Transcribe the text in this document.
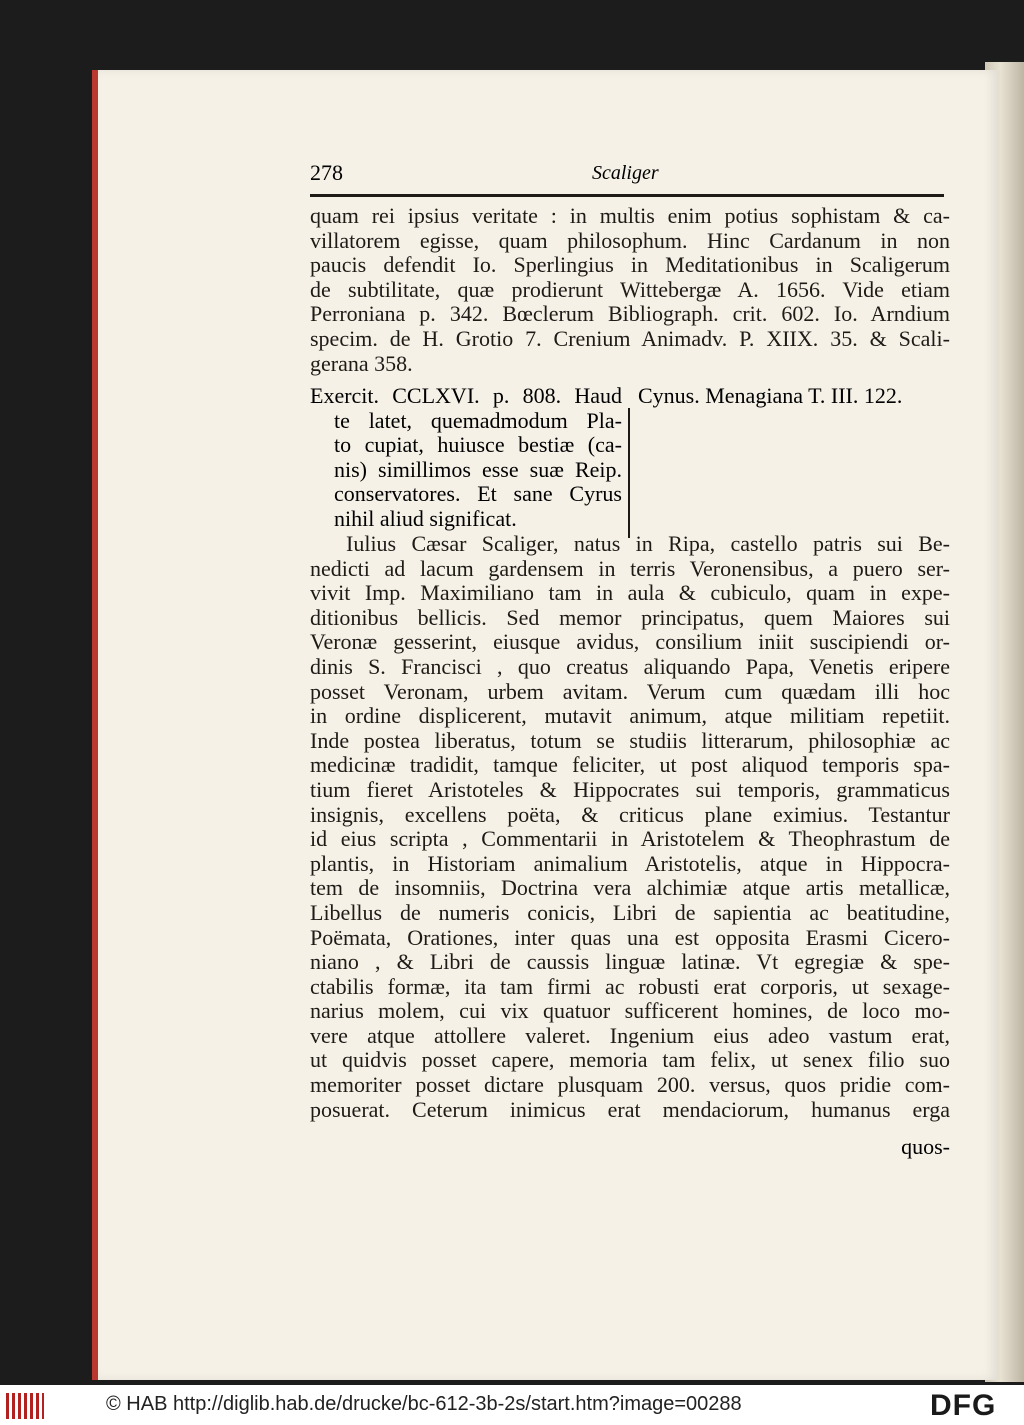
278	Scaliger
quam rei ipsius veritate : in multis enim potius sophistam & ca-
villatorem egisse, quam philosophum. Hinc Cardanum in non
paucis defendit Io. Sperlingius in Meditationibus in Scaligerum
de subtilitate, quæ prodierunt Wittebergæ A. 1656. Vide etiam
Perroniana p. 342. Bœclerum Bibliograph. crit. 602. Io. Arndium
specim. de H. Grotio 7. Crenium Animadv. P. XIIX. 35. & Scali-
gerana 358.
Exercit. CCLXVI. p. 808. Haud
te latet, quemadmodum Pla-
to cupiat, huiusce bestiæ (ca-
nis) simillimos esse suæ Reip.
conservatores. Et sane Cyrus
nihil aliud significat.
Cynus. Menagiana T. III. 122.
Iulius Cæsar Scaliger, natus in Ripa, castello patris sui Be-
nedicti ad lacum gardensem in terris Veronensibus, a puero ser-
vivit Imp. Maximiliano tam in aula & cubiculo, quam in expe-
ditionibus bellicis. Sed memor principatus, quem Maiores sui
Veronæ gesserint, eiusque avidus, consilium iniit suscipiendi or-
dinis S. Francisci , quo creatus aliquando Papa, Venetis eripere
posset Veronam, urbem avitam. Verum cum quædam illi hoc
in ordine displicerent, mutavit animum, atque militiam repetiit.
Inde postea liberatus, totum se studiis litterarum, philosophiæ ac
medicinæ tradidit, tamque feliciter, ut post aliquod temporis spa-
tium fieret Aristoteles & Hippocrates sui temporis, grammaticus
insignis, excellens poëta, & criticus plane eximius. Testantur
id eius scripta , Commentarii in Aristotelem & Theophrastum de
plantis, in Historiam animalium Aristotelis, atque in Hippocra-
tem de insomniis, Doctrina vera alchimiæ atque artis metallicæ,
Libellus de numeris conicis, Libri de sapientia ac beatitudine,
Poëmata, Orationes, inter quas una est opposita Erasmi Cicero-
niano , & Libri de caussis linguæ latinæ. Vt egregiæ & spe-
ctabilis formæ, ita tam firmi ac robusti erat corporis, ut sexage-
narius molem, cui vix quatuor sufficerent homines, de loco mo-
vere atque attollere valeret. Ingenium eius adeo vastum erat,
ut quidvis posset capere, memoria tam felix, ut senex filio suo
memoriter posset dictare plusquam 200. versus, quos pridie com-
posuerat. Ceterum inimicus erat mendaciorum, humanus erga
quos-
© HAB http://diglib.hab.de/drucke/bc-612-3b-2s/start.htm?image=00288	DFG
